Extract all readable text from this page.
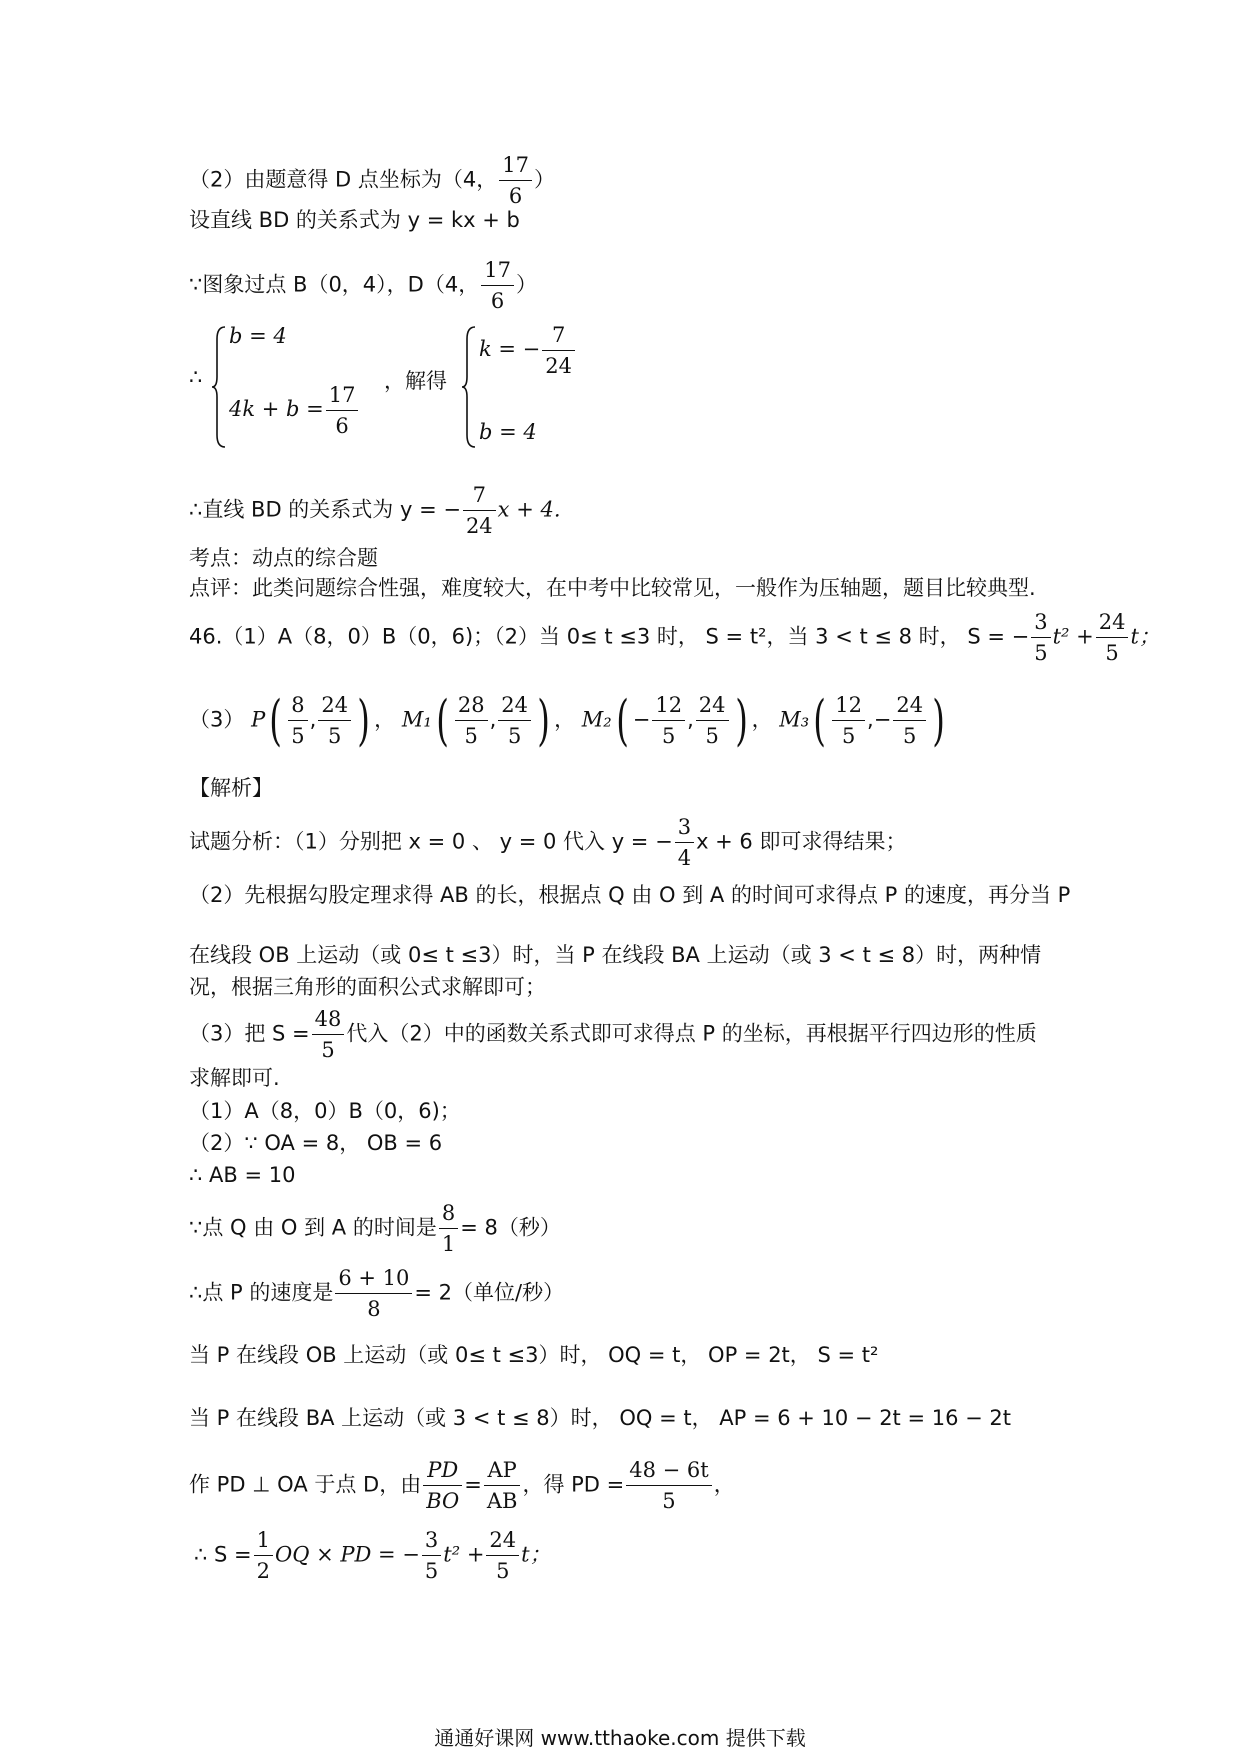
（2）由题意得 D 点坐标为（4， $\frac{17}{6}$ ）
设直线 BD 的关系式为 y = kx + b
∵图象过点 B（0，4），D（4， $\frac{17}{6}$ ）
∴
b = 4
$4k + b = \frac{17}{6}$ ，解得
k = − $\frac{7}{24}$
b = 4
∴直线 BD 的关系式为 y = − $\frac{7}{24}$ x + 4.
考点：动点的综合题
点评：此类问题综合性强，难度较大，在中考中比较常见，一般作为压轴题，题目比较典型.
46.（1）A（8，0）B（0，6)；（2）当 0≤ t ≤3 时， S = t²，当 3 < t ≤ 8 时， S = − $\frac{3}{5} t^2 + \frac{24}{5}$ t；
（3） $P( \frac{8}{5}$ , $\frac{24}{5}$ ) ， $M_1( \frac{28}{5}$ , $\frac{24}{5}$ ) ， $M_2( - \frac{12}{5}$ , $\frac{24}{5}$ ) ， $M_3( \frac{12}{5}$ ,− $\frac{24}{5}$ )
【解析】
试题分析：（1）分别把 x = 0 、 y = 0 代入 y = − $\frac{3}{4}$ x + 6 即可求得结果；
（2）先根据勾股定理求得 AB 的长，根据点 Q 由 O 到 A 的时间可求得点 P 的速度，再分当 P
在线段 OB 上运动（或 0≤ t ≤3）时，当 P 在线段 BA 上运动（或 3 < t ≤ 8）时，两种情
况，根据三角形的面积公式求解即可；
（3）把 $S = \frac{48}{5}$ 代入（2）中的函数关系式即可求得点 P 的坐标，再根据平行四边形的性质
求解即可.
（1）A（8，0）B（0，6)；
（2）∵ OA = 8， OB = 6
∴ AB = 10
∵点 Q 由 O 到 A 的时间是 $\frac{8}{1} = 8$（秒）
∴点 P 的速度是 $\frac{6 + 10}{8} = 2$（单位/秒）
当 P 在线段 OB 上运动（或 0≤ t ≤3）时， OQ = t， OP = 2t， S = t²
当 P 在线段 BA 上运动（或 3 < t ≤ 8）时， OQ = t， AP = 6 + 10 − 2t = 16 − 2t
作 PD ⊥ OA 于点 D，由 $\frac{PD}{BO} = \frac{AP}{AB}$ ，得 PD = $\frac{48 - 6t}{5}$ ，
∴ $S = \frac{1}{2}$ OQ × PD = − $\frac{3}{5} t^2 + \frac{24}{5}$ t；
通通好课网 www.tthaoke.com 提供下载
